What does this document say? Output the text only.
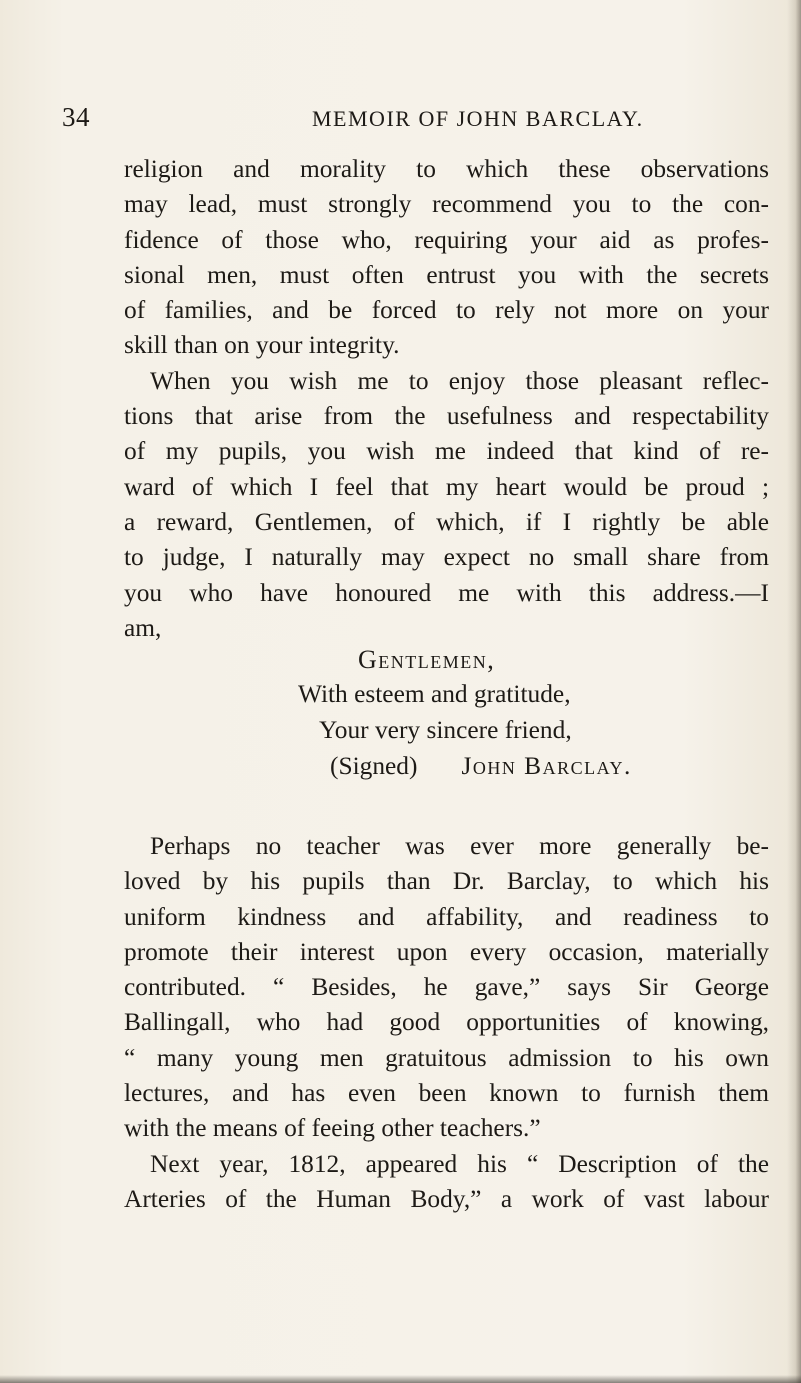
34	MEMOIR OF JOHN BARCLAY.
religion and morality to which these observations
may lead, must strongly recommend you to the con-
fidence of those who, requiring your aid as profes-
sional men, must often entrust you with the secrets
of families, and be forced to rely not more on your
skill than on your integrity.
When you wish me to enjoy those pleasant reflec-
tions that arise from the usefulness and respectability
of my pupils, you wish me indeed that kind of re-
ward of which I feel that my heart would be proud ;
a reward, Gentlemen, of which, if I rightly be able
to judge, I naturally may expect no small share from
you who have honoured me with this address.—I
am,
Gentlemen,
With esteem and gratitude,
Your very sincere friend,
(Signed) John Barclay.
Perhaps no teacher was ever more generally be-
loved by his pupils than Dr. Barclay, to which his
uniform kindness and affability, and readiness to
promote their interest upon every occasion, materially
contributed. “ Besides, he gave,” says Sir George
Ballingall, who had good opportunities of knowing,
“ many young men gratuitous admission to his own
lectures, and has even been known to furnish them
with the means of feeing other teachers.”
Next year, 1812, appeared his “ Description of the
Arteries of the Human Body,” a work of vast labour
